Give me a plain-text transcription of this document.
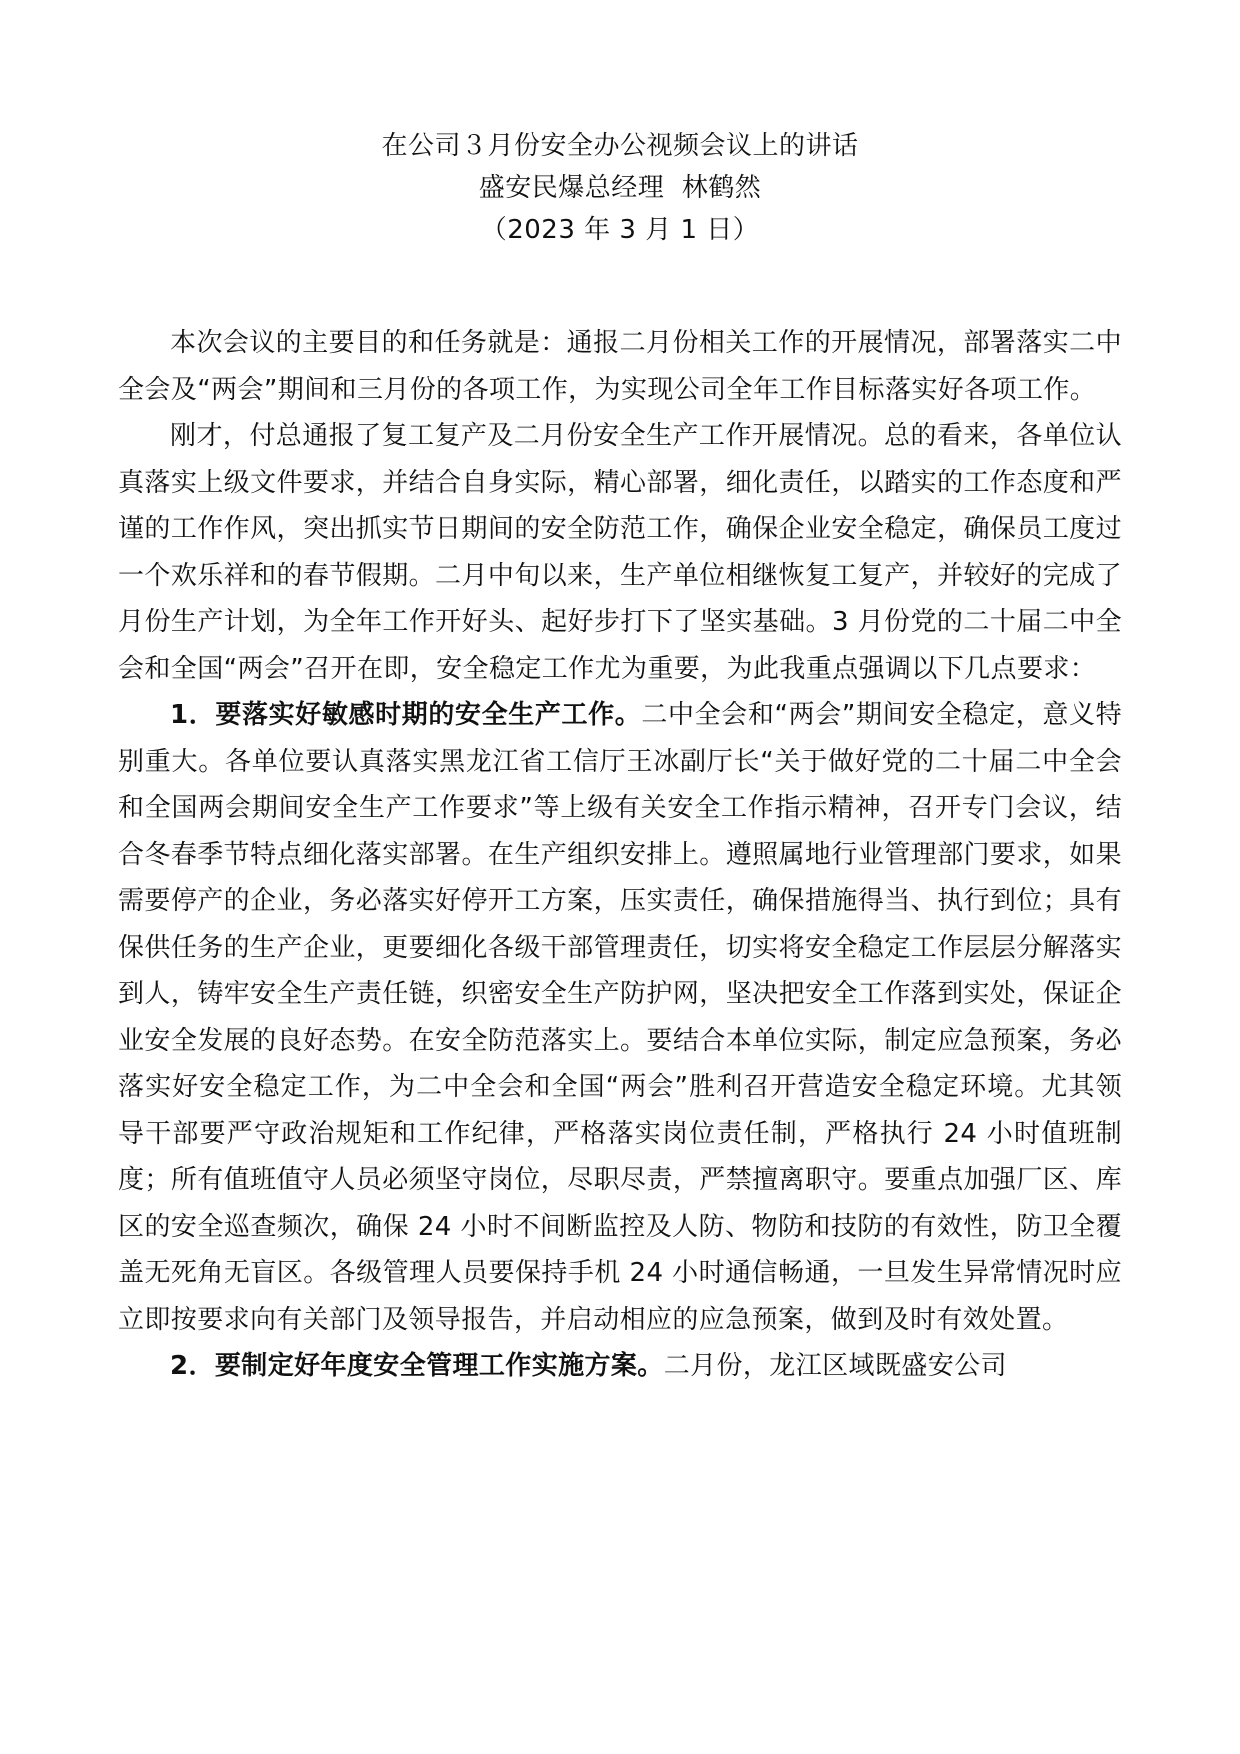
在公司３月份安全办公视频会议上的讲话
盛安民爆总经理  林鹤然
（2023 年 3 月 1 日）

本次会议的主要目的和任务就是：通报二月份相关工作的开展情况，部署落实二中全会及“两会”期间和三月份的各项工作，为实现公司全年工作目标落实好各项工作。

刚才，付总通报了复工复产及二月份安全生产工作开展情况。总的看来，各单位认真落实上级文件要求，并结合自身实际，精心部署，细化责任，以踏实的工作态度和严谨的工作作风，突出抓实节日期间的安全防范工作，确保企业安全稳定，确保员工度过一个欢乐祥和的春节假期。二月中旬以来，生产单位相继恢复工复产，并较好的完成了月份生产计划，为全年工作开好头、起好步打下了坚实基础。3 月份党的二十届二中全会和全国“两会”召开在即，安全稳定工作尤为重要，为此我重点强调以下几点要求：

1．要落实好敏感时期的安全生产工作。二中全会和“两会”期间安全稳定，意义特别重大。各单位要认真落实黑龙江省工信厅王冰副厅长“关于做好党的二十届二中全会和全国两会期间安全生产工作要求”等上级有关安全工作指示精神，召开专门会议，结合冬春季节特点细化落实部署。在生产组织安排上。遵照属地行业管理部门要求，如果需要停产的企业，务必落实好停开工方案，压实责任，确保措施得当、执行到位；具有保供任务的生产企业，更要细化各级干部管理责任，切实将安全稳定工作层层分解落实到人，铸牢安全生产责任链，织密安全生产防护网，坚决把安全工作落到实处，保证企业安全发展的良好态势。在安全防范落实上。要结合本单位实际，制定应急预案，务必落实好安全稳定工作，为二中全会和全国“两会”胜利召开营造安全稳定环境。尤其领导干部要严守政治规矩和工作纪律，严格落实岗位责任制，严格执行 24 小时值班制度；所有值班值守人员必须坚守岗位，尽职尽责，严禁擅离职守。要重点加强厂区、库区的安全巡查频次，确保 24 小时不间断监控及人防、物防和技防的有效性，防卫全覆盖无死角无盲区。各级管理人员要保持手机 24 小时通信畅通，一旦发生异常情况时应立即按要求向有关部门及领导报告，并启动相应的应急预案，做到及时有效处置。

2．要制定好年度安全管理工作实施方案。二月份，龙江区域既盛安公司
